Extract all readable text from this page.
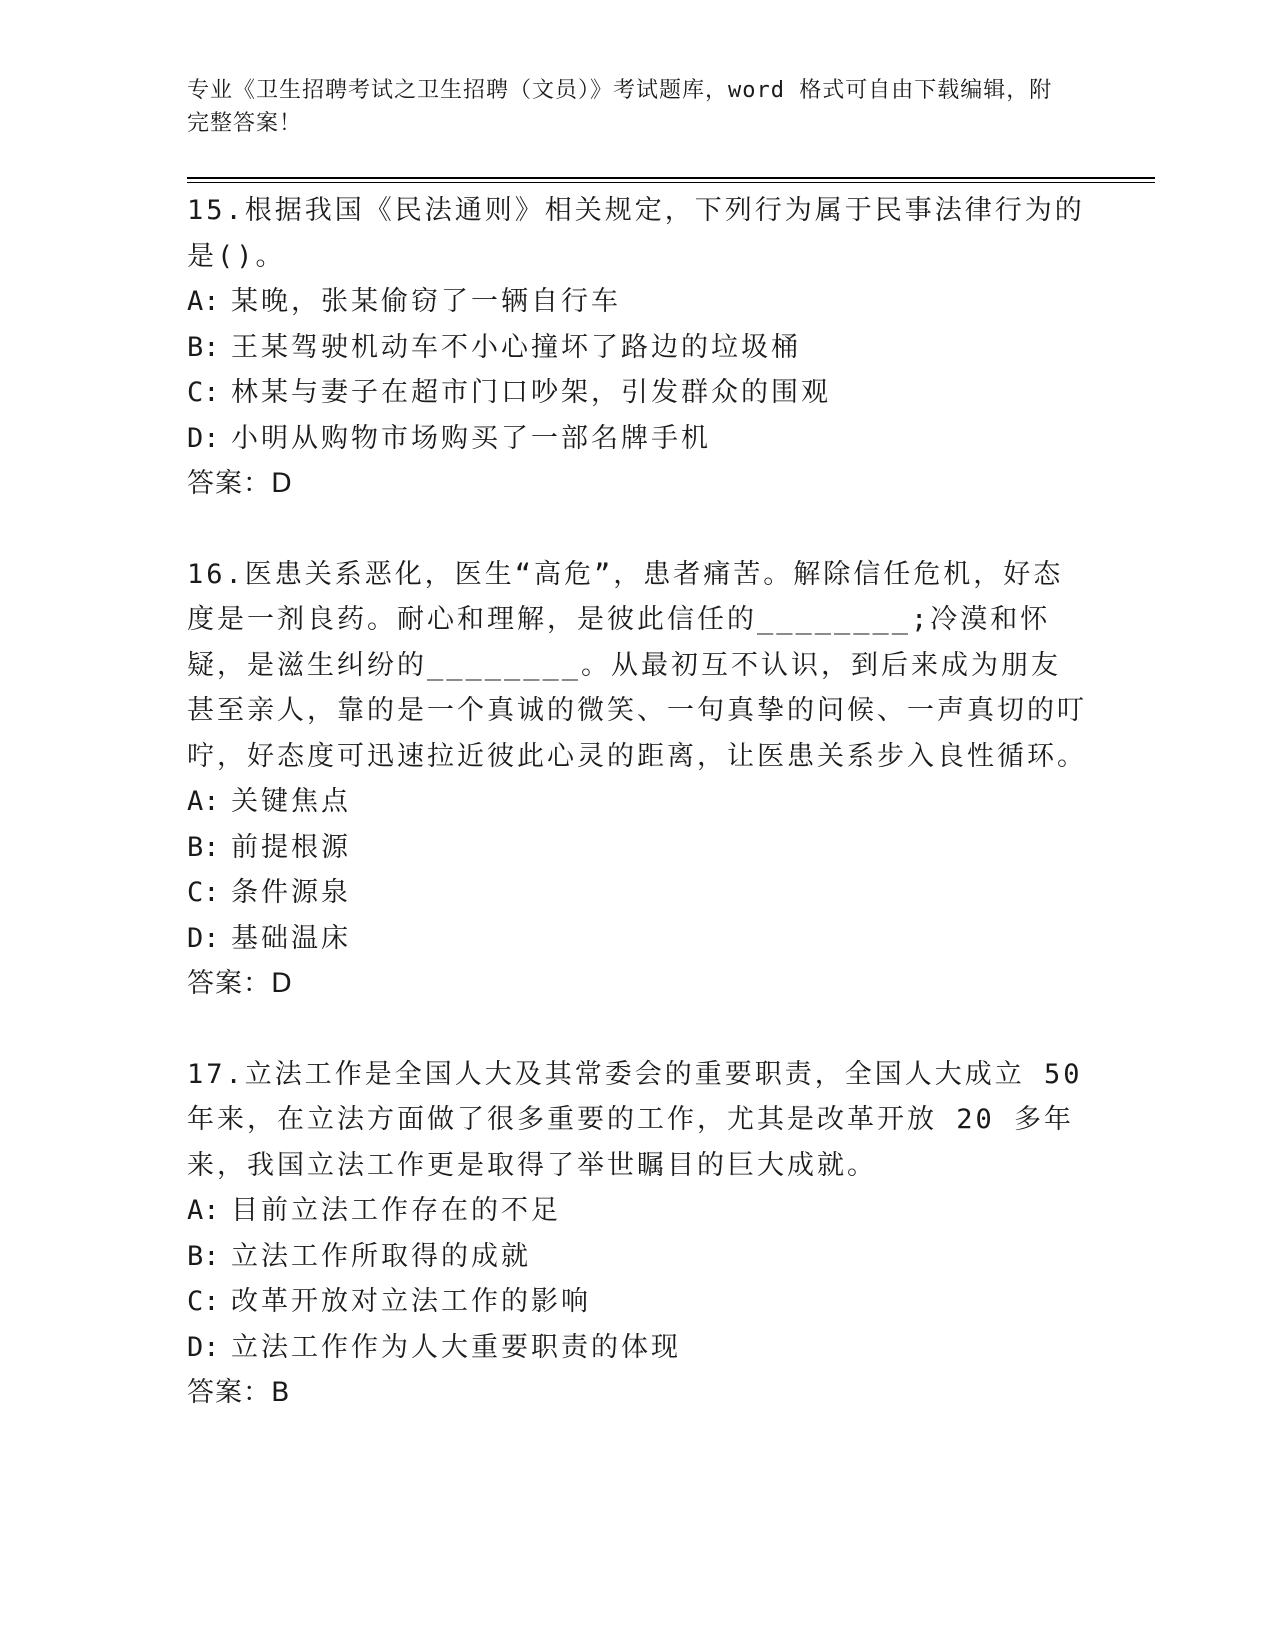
专业《卫生招聘考试之卫生招聘（文员）》考试题库，word 格式可自由下载编辑，附完整答案！

15.根据我国《民法通则》相关规定，下列行为属于民事法律行为的是()。

A: 某晚，张某偷窃了一辆自行车

B: 王某驾驶机动车不小心撞坏了路边的垃圾桶

C: 林某与妻子在超市门口吵架，引发群众的围观

D: 小明从购物市场购买了一部名牌手机

答案：D

16.医患关系恶化，医生“高危”，患者痛苦。解除信任危机，好态度是一剂良药。耐心和理解，是彼此信任的________;冷漠和怀疑，是滋生纠纷的________。从最初互不认识，到后来成为朋友甚至亲人，靠的是一个真诚的微笑、一句真挚的问候、一声真切的叮咛，好态度可迅速拉近彼此心灵的距离，让医患关系步入良性循环。

A: 关键焦点

B: 前提根源

C: 条件源泉

D: 基础温床

答案：D

17.立法工作是全国人大及其常委会的重要职责，全国人大成立 50 年来，在立法方面做了很多重要的工作，尤其是改革开放 20 多年来，我国立法工作更是取得了举世瞩目的巨大成就。

A: 目前立法工作存在的不足

B: 立法工作所取得的成就

C: 改革开放对立法工作的影响

D: 立法工作作为人大重要职责的体现

答案：B
